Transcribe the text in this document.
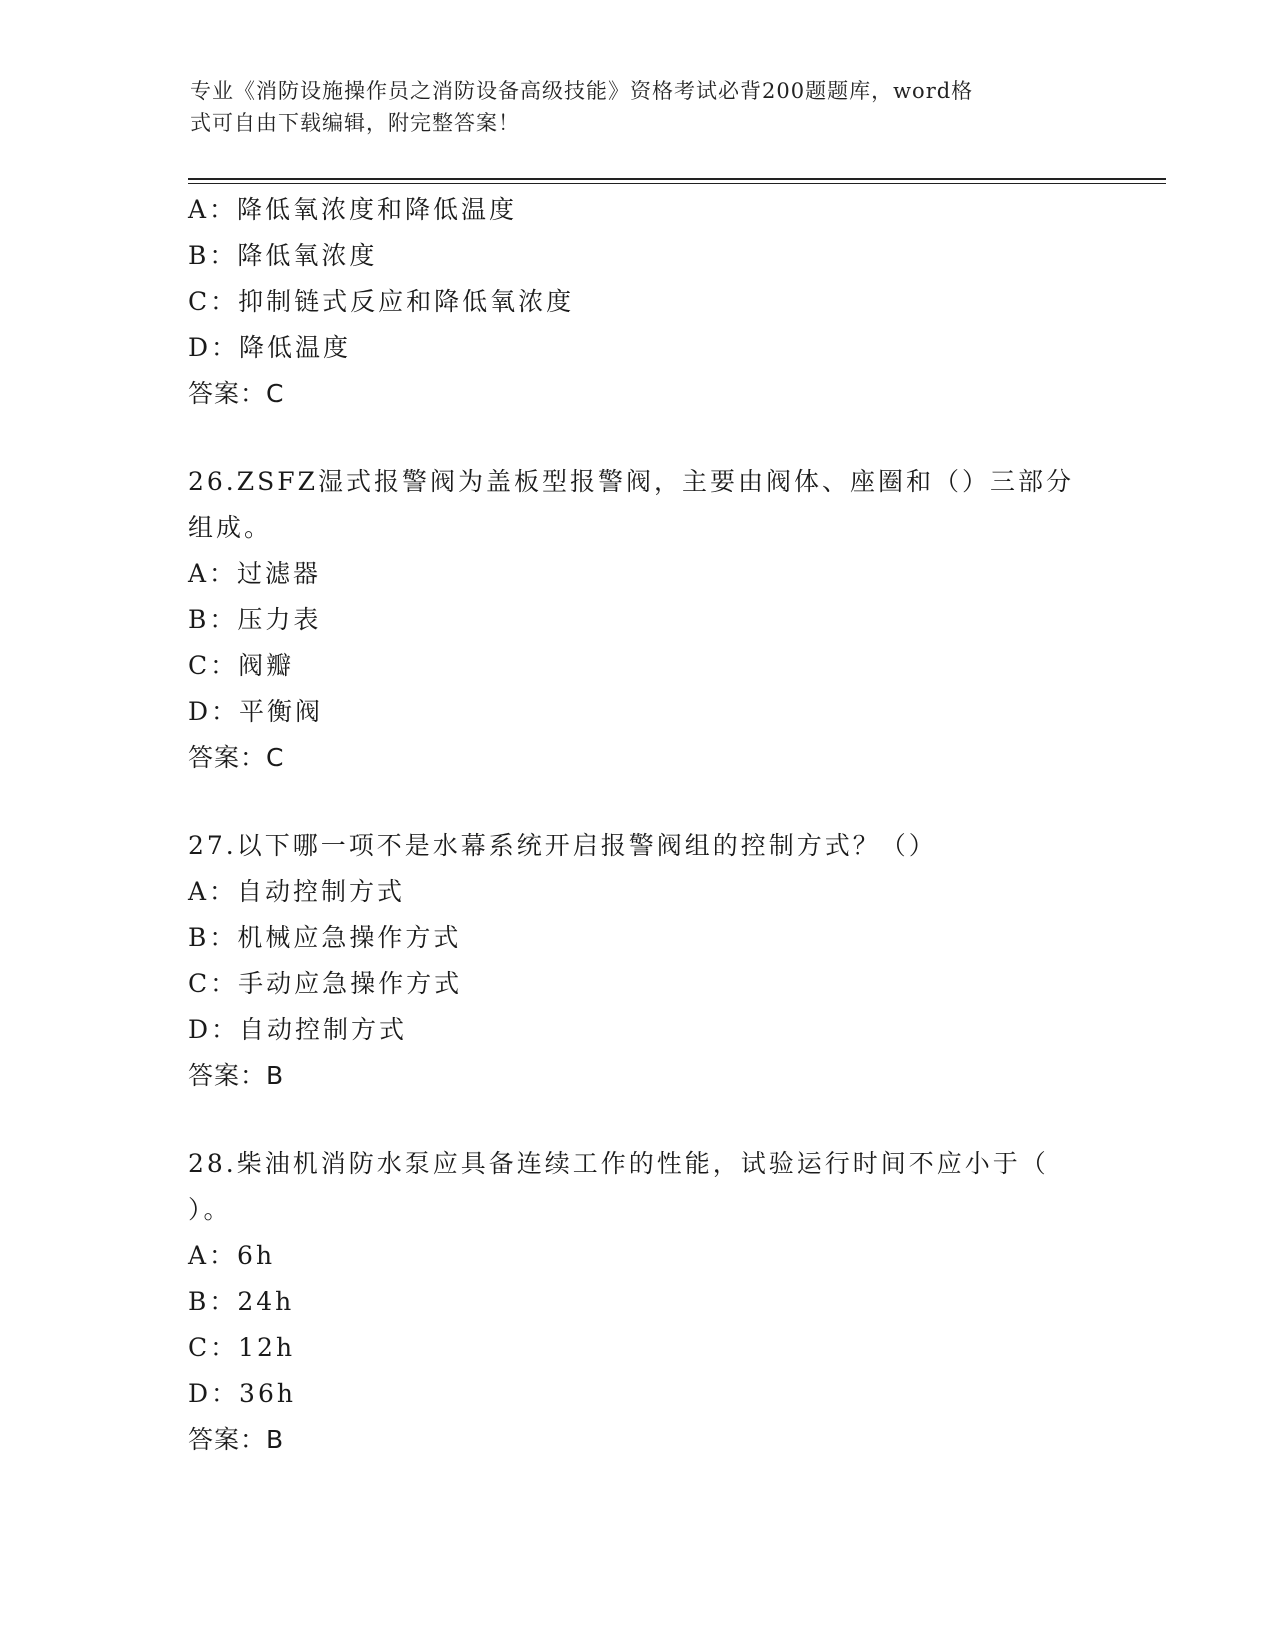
专业《消防设施操作员之消防设备高级技能》资格考试必背200题题库，word格
式可自由下载编辑，附完整答案！
A：降低氧浓度和降低温度
B：降低氧浓度
C：抑制链式反应和降低氧浓度
D：降低温度
答案：C
26.ZSFZ湿式报警阀为盖板型报警阀，主要由阀体、座圈和（）三部分
组成。
A：过滤器
B：压力表
C：阀瓣
D：平衡阀
答案：C
27.以下哪一项不是水幕系统开启报警阀组的控制方式？（）
A：自动控制方式
B：机械应急操作方式
C：手动应急操作方式
D：自动控制方式
答案：B
28.柴油机消防水泵应具备连续工作的性能，试验运行时间不应小于（
）。
A：6h
B：24h
C：12h
D：36h
答案：B
